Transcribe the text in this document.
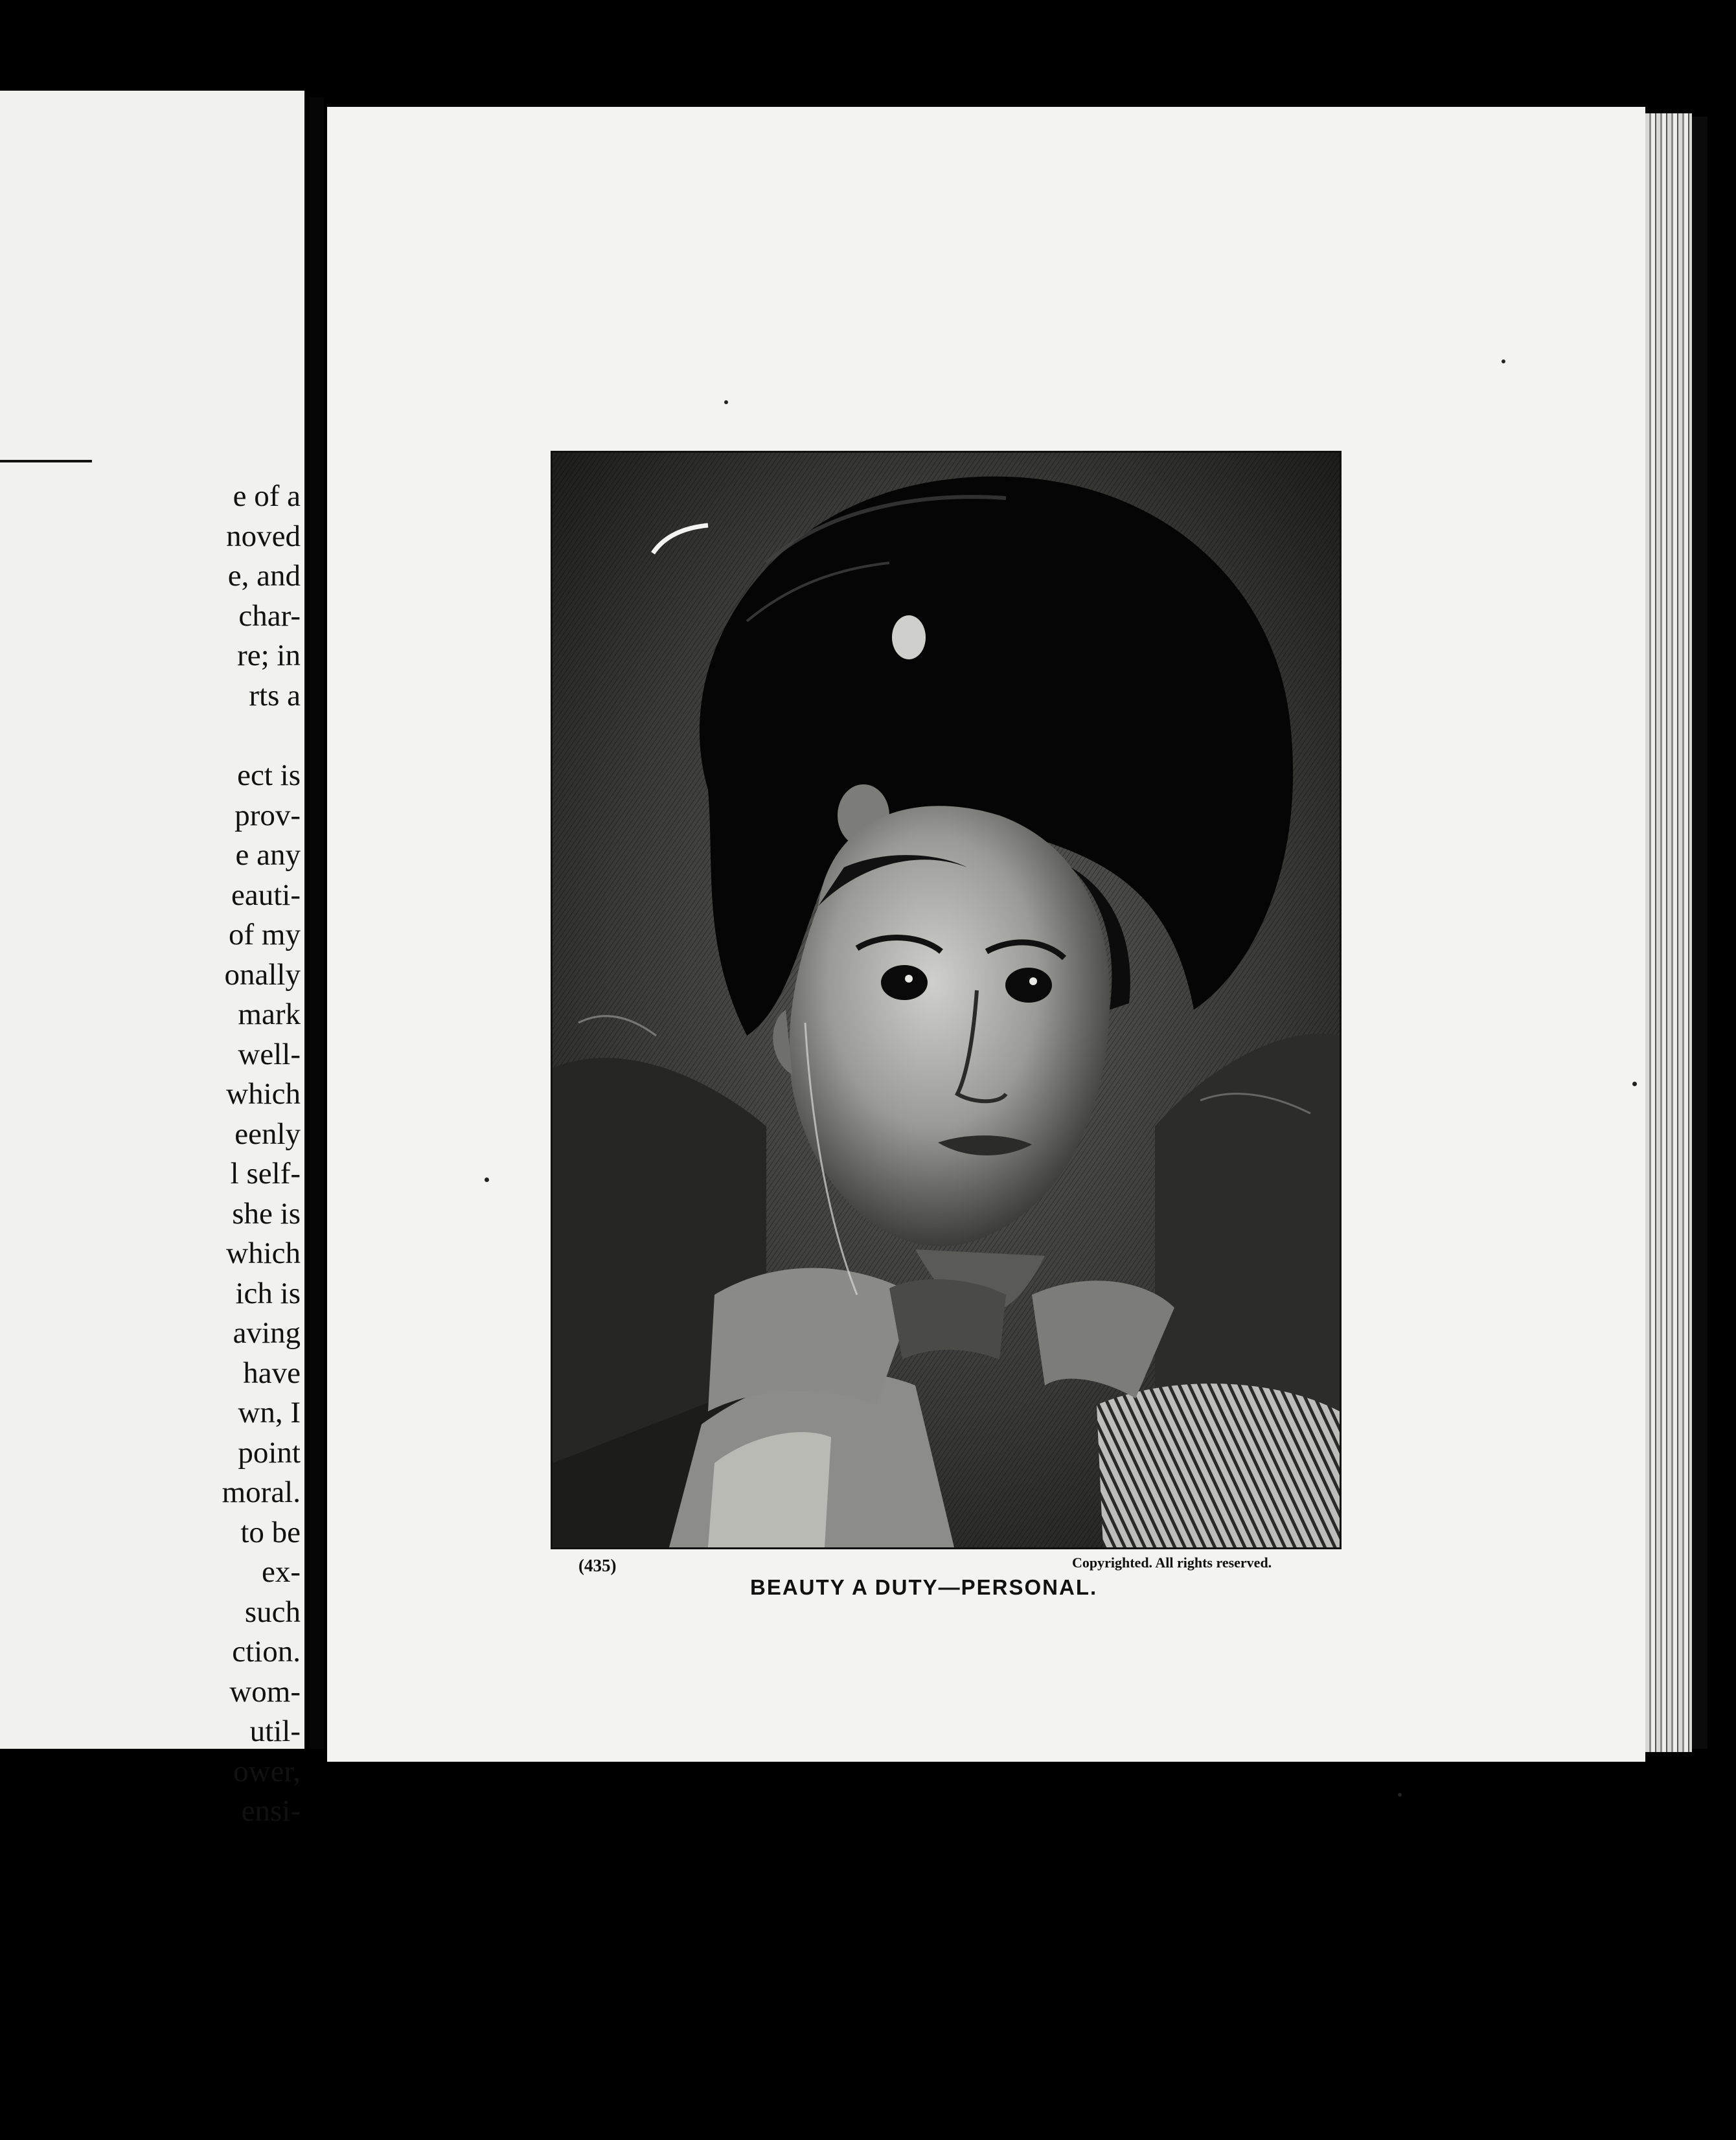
e of a
noved
e, and
char-
re; in
rts a
ect is
prov-
e any
eauti-
of my
onally
mark
well-
which
eenly
l self-
she is
which
ich is
aving
have
wn, I
point
moral.
to be
ex-
such
ction.
wom-
util-
ower,
ensi-
(435)	Copyrighted. All rights reserved.
BEAUTY A DUTY—PERSONAL.
